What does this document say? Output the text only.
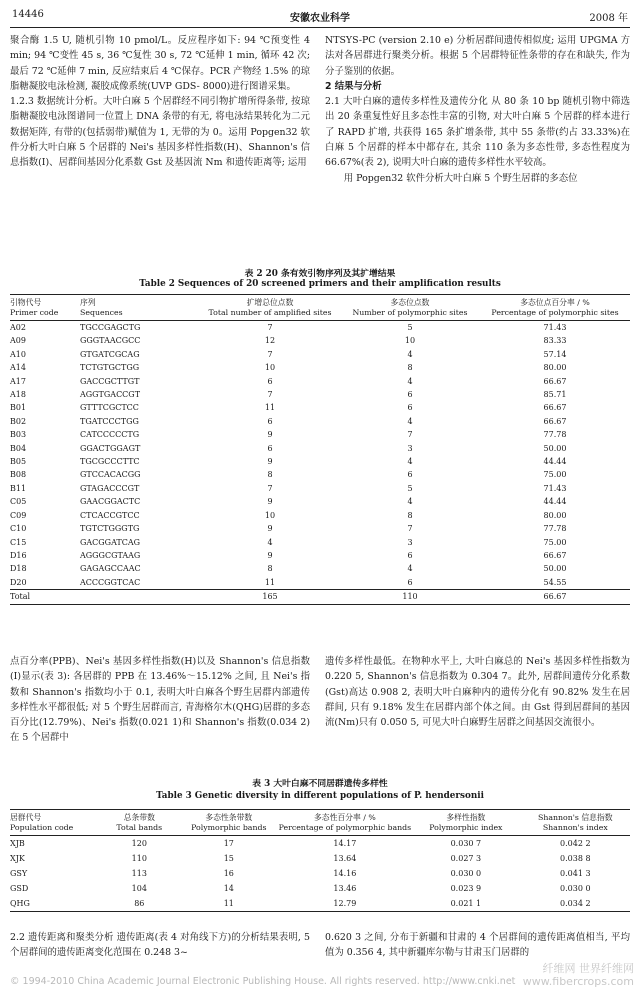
14446	安徽农业科学	2008 年

聚合酶 1.5 U, 随机引物 10 pmol/L。反应程序如下: 94 ℃预变性 4 min; 94 ℃变性 45 s, 36 ℃复性 30 s, 72 ℃延伸 1 min, 循环 42 次; 最后 72 ℃延伸 7 min, 反应结束后 4 ℃保存。PCR 产物经 1.5% 的琼脂糖凝胶电泳检测, 凝胶成像系统(UVP GDS- 8000)进行图谱采集。

1.2.3 数据统计分析。大叶白麻 5 个居群经不同引物扩增所得条带, 按琼脂糖凝胶电泳图谱同一位置上 DNA 条带的有无, 将电泳结果转化为二元数据矩阵, 有带的(包括弱带)赋值为 1, 无带的为 0。运用 Popgen32 软件分析大叶白麻 5 个居群的 Nei's 基因多样性指数(H)、Shannon's 信息指数(I)、居群间基因分化系数 Gst 及基因流 Nm 和遗传距离等; 运用

NTSYS-PC (version 2.10 e) 分析居群间遗传相似度; 运用 UPGMA 方法对各居群进行聚类分析。根据 5 个居群特征性条带的存在和缺失, 作为分子鉴别的依据。

2 结果与分析

2.1 大叶白麻的遗传多样性及遗传分化 从 80 条 10 bp 随机引物中筛选出 20 条重复性好且多态性丰富的引物, 对大叶白麻 5 个居群的样本进行了 RAPD 扩增, 共获得 165 条扩增条带, 其中 55 条带(约占 33.33%)在白麻 5 个居群的样本中都存在, 其余 110 条为多态性带, 多态性程度为 66.67%(表 2), 说明大叶白麻的遗传多样性水平较高。

用 Popgen32 软件分析大叶白麻 5 个野生居群的多态位

表 2 20 条有效引物序列及其扩增结果
Table 2 Sequences of 20 screened primers and their amplification results
引物代号	序列	扩增总位点数	多态位点数	多态位点百分率 / %
Primer code	Sequences	Total number of amplified sites	Number of polymorphic sites	Percentage of polymorphic sites
A02	TGCCGAGCTG	7	5	71.43
A09	GGGTAACGCC	12	10	83.33
A10	GTGATCGCAG	7	4	57.14
A14	TCTGTGCTGG	10	8	80.00
A17	GACCGCTTGT	6	4	66.67
A18	AGGTGACCGT	7	6	85.71
B01	GTTTCGCTCC	11	6	66.67
B02	TGATCCCTGG	6	4	66.67
B03	CATCCCCCTG	9	7	77.78
B04	GGACTGGAGT	6	3	50.00
B05	TGCGCCCTTC	9	4	44.44
B08	GTCCACACGG	8	6	75.00
B11	GTAGACCCGT	7	5	71.43
C05	GAACGGACTC	9	4	44.44
C09	CTCACCGTCC	10	8	80.00
C10	TGTCTGGGTG	9	7	77.78
C15	GACGGATCAG	4	3	75.00
D16	AGGGCGTAAG	9	6	66.67
D18	GAGAGCCAAC	8	4	50.00
D20	ACCCGGTCAC	11	6	54.55
Total		165	110	66.67

点百分率(PPB)、Nei's 基因多样性指数(H)以及 Shannon's 信息指数(I)显示(表 3): 各居群的 PPB 在 13.46%～15.12% 之间, 且 Nei's 指数和 Shannon's 指数均小于 0.1, 表明大叶白麻各个野生居群内部遗传多样性水平都很低; 对 5 个野生居群而言, 青海格尔木(QHG)居群的多态百分比(12.79%)、Nei's 指数(0.021 1)和 Shannon's 指数(0.034 2)在 5 个居群中

遗传多样性最低。在物种水平上, 大叶白麻总的 Nei's 基因多样性指数为 0.220 5, Shannon's 信息指数为 0.304 7。此外, 居群间遗传分化系数(Gst)高达 0.908 2, 表明大叶白麻种内的遗传分化有 90.82% 发生在居群间, 只有 9.18% 发生在居群内部个体之间。由 Gst 得到居群间的基因流(Nm)只有 0.050 5, 可见大叶白麻野生居群之间基因交流很小。

表 3 大叶白麻不同居群遗传多样性
Table 3 Genetic diversity in different populations of P. hendersonii
居群代号	总条带数	多态性条带数	多态性百分率 / %	多样性指数	Shannon's 信息指数
Population code	Total bands	Polymorphic bands	Percentage of polymorphic bands	Polymorphic index	Shannon's index
XJB	120	17	14.17	0.030 7	0.042 2
XJK	110	15	13.64	0.027 3	0.038 8
GSY	113	16	14.16	0.030 0	0.041 3
GSD	104	14	13.46	0.023 9	0.030 0
QHG	86	11	12.79	0.021 1	0.034 2

2.2 遗传距离和聚类分析 遗传距离(表 4 对角线下方)的分析结果表明, 5 个居群间的遗传距离变化范围在 0.248 3~

0.620 3 之间, 分布于新疆和甘肃的 4 个居群间的遗传距离值相当, 平均值为 0.356 4, 其中新疆库尔勒与甘肃玉门居群的

© 1994-2010 China Academic Journal Electronic Publishing House. All rights reserved. http://www.cnki.net
纤维网 世界纤维网
www.fibercrops.com
